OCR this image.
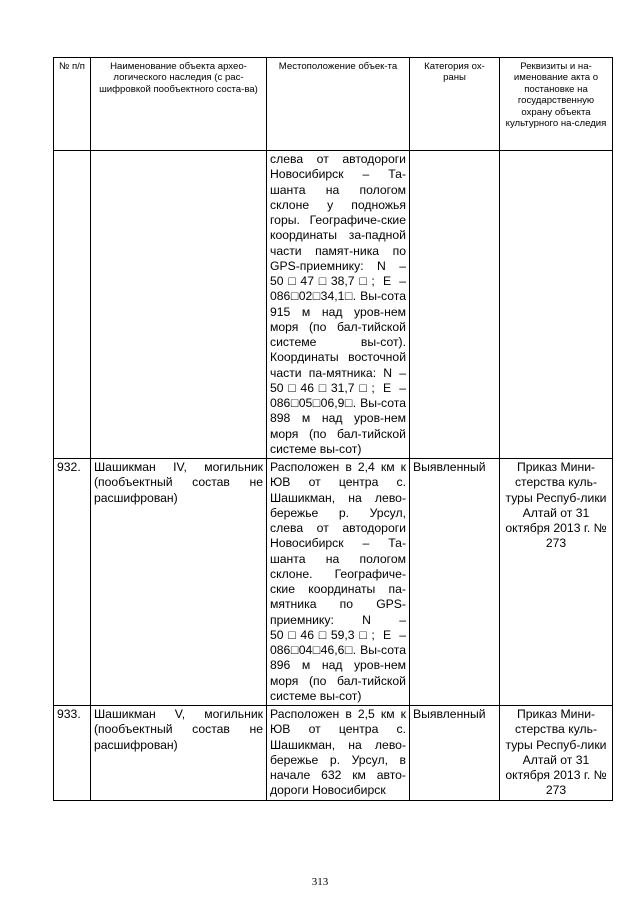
№ п/п	Наименование объекта архео-логического наследия (с рас-шифровкой пообъектного соста-ва)	Местоположение объек-та	Категория ох-раны	Реквизиты и на-именование акта о постановке на государственную охрану объекта культурного на-следия
		слева от автодороги Новосибирск – Та-шанта на пологом склоне у подножья горы. Географиче-ские координаты за-падной части памят-ника по GPS-приемнику: N – 50□47□38,7□; E – 086□02□34,1□. Вы-сота 915 м над уров-нем моря (по бал-тийской системе вы-сот). Координаты восточной части па-мятника: N – 50□46□31,7□; E – 086□05□06,9□. Вы-сота 898 м над уров-нем моря (по бал-тийской системе вы-сот)		
932.	Шашикман IV, могильник (пообъектный состав не расшифрован)	Расположен в 2,4 км к ЮВ от центра с. Шашикман, на лево-бережье р. Урсул, слева от автодороги Новосибирск – Та-шанта на пологом склоне. Географиче-ские координаты па-мятника по GPS-приемнику: N – 50□46□59,3□; E – 086□04□46,6□. Вы-сота 896 м над уров-нем моря (по бал-тийской системе вы-сот)	Выявленный	Приказ Мини-стерства куль-туры Респуб-лики Алтай от 31 октября 2013 г. № 273
933.	Шашикман V, могильник (пообъектный состав не расшифрован)	Расположен в 2,5 км к ЮВ от центра с. Шашикман, на лево-бережье р. Урсул, в начале 632 км авто-дороги Новосибирск	Выявленный	Приказ Мини-стерства куль-туры Респуб-лики Алтай от 31 октября 2013 г. № 273
313
